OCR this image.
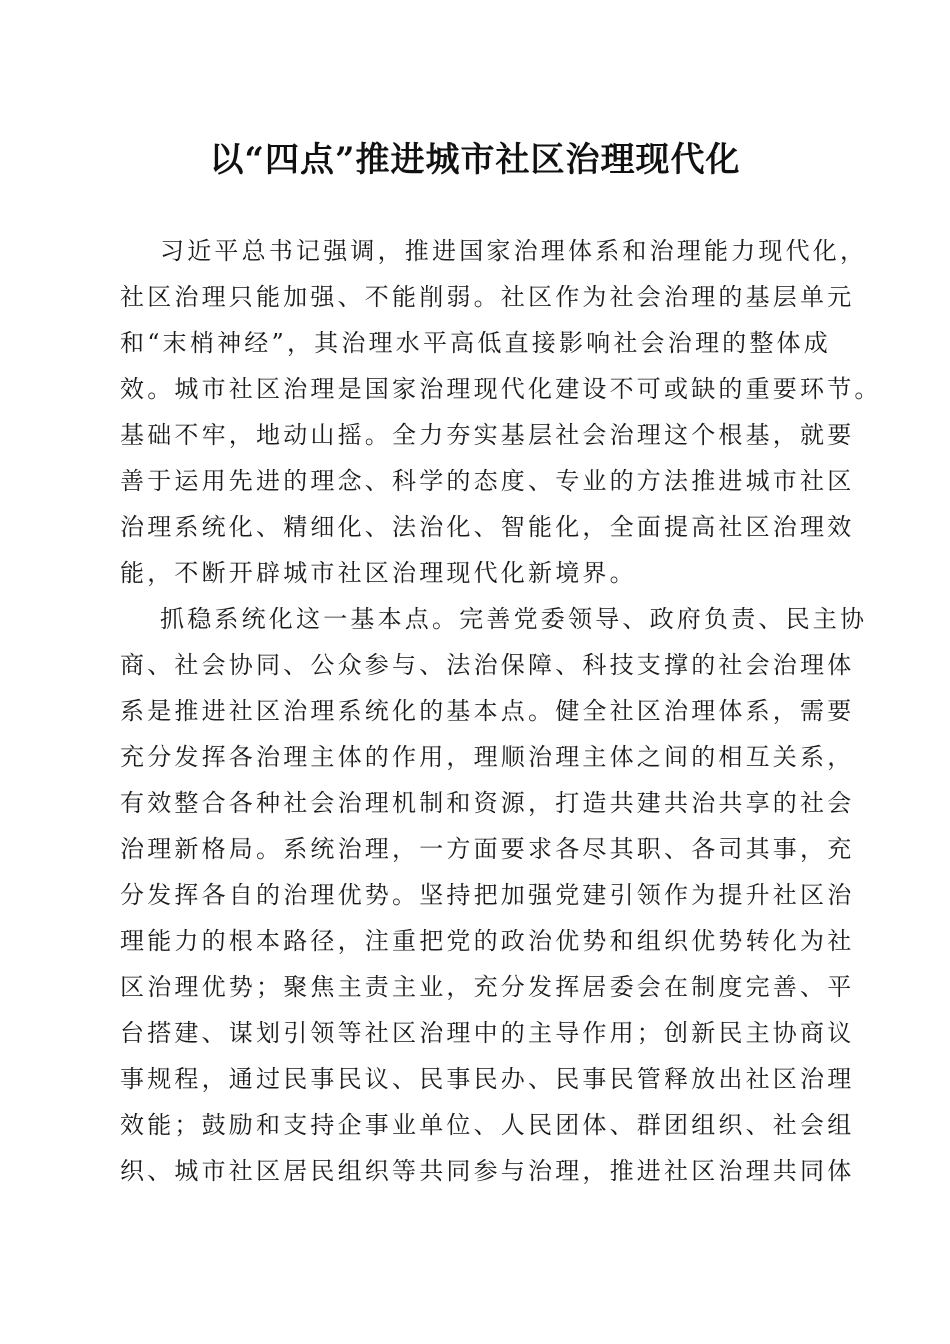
以“四点”推进城市社区治理现代化
习近平总书记强调，推进国家治理体系和治理能力现代化，
社区治理只能加强、不能削弱。社区作为社会治理的基层单元
和“末梢神经”，其治理水平高低直接影响社会治理的整体成
效。城市社区治理是国家治理现代化建设不可或缺的重要环节。
基础不牢，地动山摇。全力夯实基层社会治理这个根基，就要
善于运用先进的理念、科学的态度、专业的方法推进城市社区
治理系统化、精细化、法治化、智能化，全面提高社区治理效
能，不断开辟城市社区治理现代化新境界。
抓稳系统化这一基本点。完善党委领导、政府负责、民主协
商、社会协同、公众参与、法治保障、科技支撑的社会治理体
系是推进社区治理系统化的基本点。健全社区治理体系，需要
充分发挥各治理主体的作用，理顺治理主体之间的相互关系，
有效整合各种社会治理机制和资源，打造共建共治共享的社会
治理新格局。系统治理，一方面要求各尽其职、各司其事，充
分发挥各自的治理优势。坚持把加强党建引领作为提升社区治
理能力的根本路径，注重把党的政治优势和组织优势转化为社
区治理优势；聚焦主责主业，充分发挥居委会在制度完善、平
台搭建、谋划引领等社区治理中的主导作用；创新民主协商议
事规程，通过民事民议、民事民办、民事民管释放出社区治理
效能；鼓励和支持企事业单位、人民团体、群团组织、社会组
织、城市社区居民组织等共同参与治理，推进社区治理共同体
